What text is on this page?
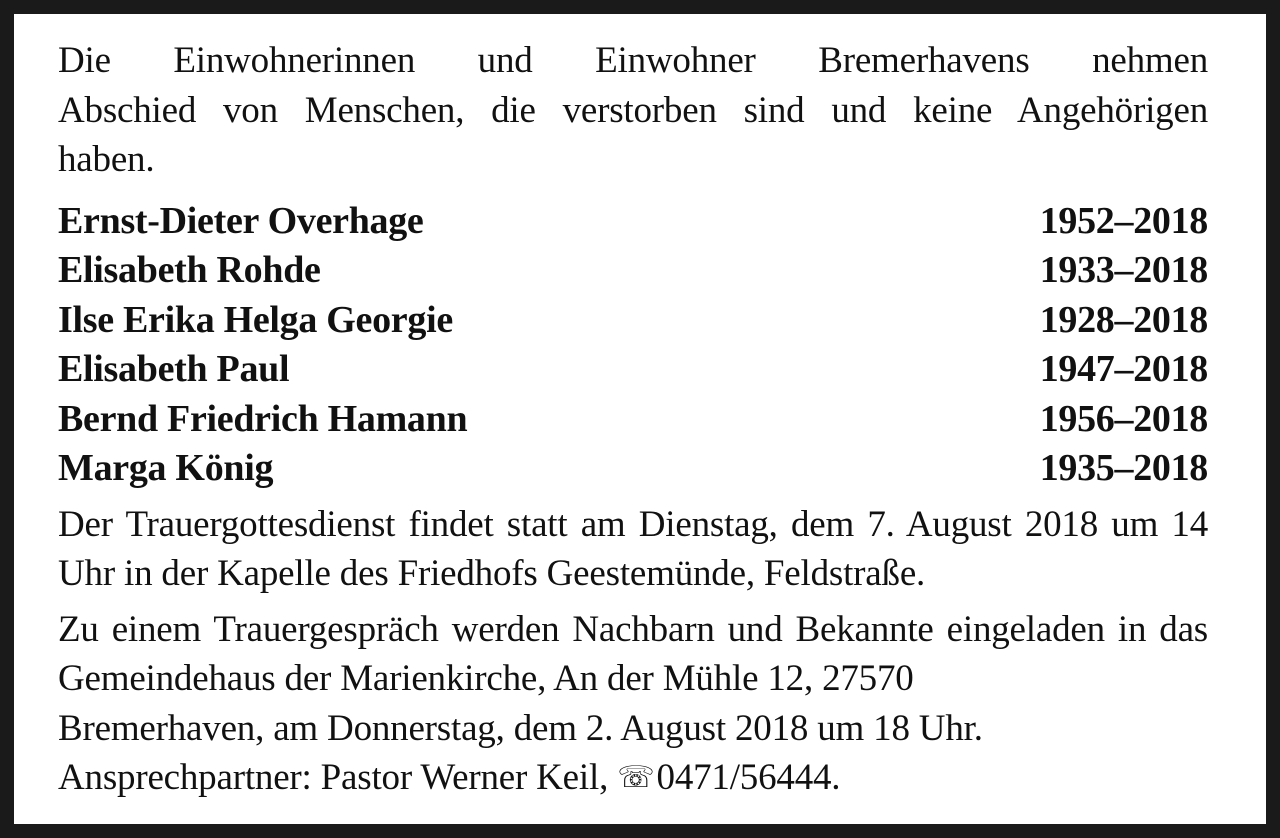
Die Einwohnerinnen und Einwohner Bremerhavens nehmen
Abschied von Menschen, die verstorben sind und keine Angehörigen
haben.

Ernst-Dieter Overhage	1952–2018
Elisabeth Rohde	1933–2018
Ilse Erika Helga Georgie	1928–2018
Elisabeth Paul	1947–2018
Bernd Friedrich Hamann	1956–2018
Marga König	1935–2018

Der Trauergottesdienst findet statt am Dienstag, dem 7. August 2018 um 14 Uhr in der Kapelle des Friedhofs Geestemünde, Feldstraße.

Zu einem Trauergespräch werden Nachbarn und Bekannte eingeladen in das Gemeindehaus der Marienkirche, An der Mühle 12, 27570
Bremerhaven, am Donnerstag, dem 2. August 2018 um 18 Uhr.
Ansprechpartner: Pastor Werner Keil, ☏0471/56444.
